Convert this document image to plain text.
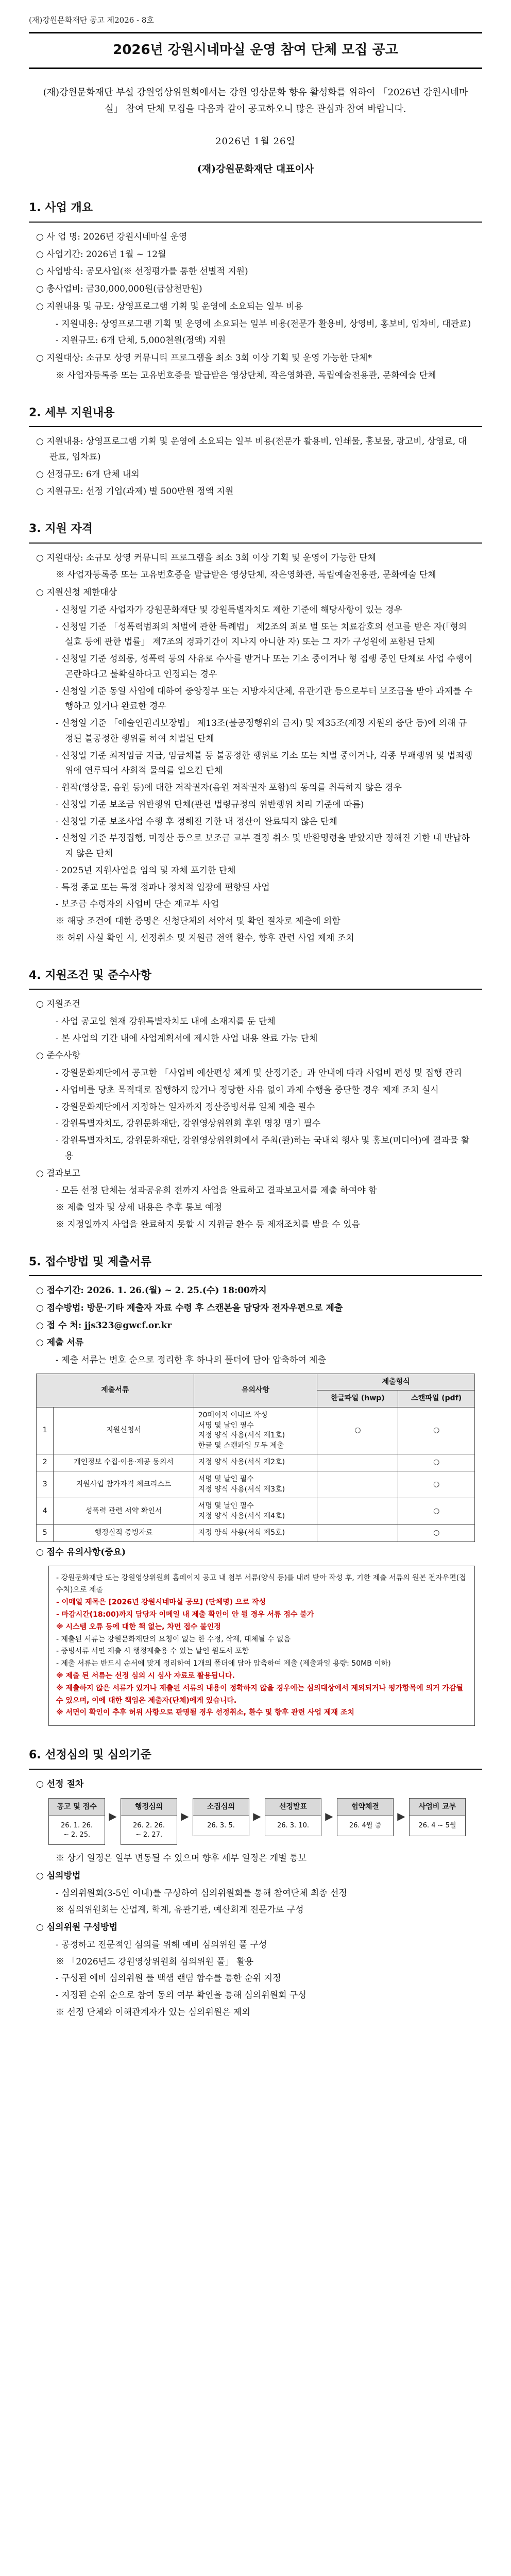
(재)강원문화재단 공고 제2026 - 8호
2026년 강원시네마실 운영 참여 단체 모집 공고
(재)강원문화재단 부설 강원영상위원회에서는 강원 영상문화 향유 활성화를 위하여 「2026년 강원시네마실」 참여 단체 모집을 다음과 같이 공고하오니 많은 관심과 참여 바랍니다.
2026년 1월 26일
(재)강원문화재단 대표이사
1. 사업 개요
○ 사 업 명: 2026년 강원시네마실 운영
○ 사업기간: 2026년 1월 ~ 12월
○ 사업방식: 공모사업(※ 선정평가를 통한 선별적 지원)
○ 총사업비: 금30,000,000원(금삼천만원)
○ 지원내용 및 규모: 상영프로그램 기획 및 운영에 소요되는 일부 비용
- 지원내용: 상영프로그램 기획 및 운영에 소요되는 일부 비용(전문가 활용비, 상영비, 홍보비, 임차비, 대관료)
- 지원규모: 6개 단체, 5,000천원(정액) 지원
○ 지원대상: 소규모 상영 커뮤니티 프로그램을 최소 3회 이상 기획 및 운영 가능한 단체*
※ 사업자등록증 또는 고유번호증을 발급받은 영상단체, 작은영화관, 독립예술전용관, 문화예술 단체
2. 세부 지원내용
○ 지원내용: 상영프로그램 기획 및 운영에 소요되는 일부 비용(전문가 활용비, 인쇄물, 홍보물, 광고비, 상영료, 대관료, 임차료)
○ 선정규모: 6개 단체 내외
○ 지원규모: 선정 기업(과제) 별 500만원 정액 지원
3. 지원 자격
○ 지원대상: 소규모 상영 커뮤니티 프로그램을 최소 3회 이상 기획 및 운영이 가능한 단체
※ 사업자등록증 또는 고유번호증을 발급받은 영상단체, 작은영화관, 독립예술전용관, 문화예술 단체
○ 지원신청 제한대상
- 신청일 기준 사업자가 강원문화재단 및 강원특별자치도 제한 기준에 해당사항이 있는 경우
- 신청일 기준 「성폭력범죄의 처벌에 관한 특례법」 제2조의 죄로 벌 또는 치료감호의 선고를 받은 자(「형의 실효 등에 관한 법률」 제7조의 경과기간이 지나지 아니한 자) 또는 그 자가 구성원에 포함된 단체
- 신청일 기준 성희롱, 성폭력 등의 사유로 수사를 받거나 또는 기소 중이거나 형 집행 중인 단체로 사업 수행이 곤란하다고 불확실하다고 인정되는 경우
- 신청일 기준 동일 사업에 대하여 중앙정부 또는 지방자치단체, 유관기관 등으로부터 보조금을 받아 과제를 수행하고 있거나 완료한 경우
- 신청일 기준 「예술인권리보장법」 제13조(불공정행위의 금지) 및 제35조(재정 지원의 중단 등)에 의해 규정된 불공정한 행위를 하여 처벌된 단체
- 신청일 기준 최저임금 지급, 임금체불 등 불공정한 행위로 기소 또는 처벌 중이거나, 각종 부패행위 및 법죄행위에 연루되어 사회적 물의를 일으킨 단체
- 원작(영상물, 음원 등)에 대한 저작권자(음원 저작권자 포함)의 동의를 취득하지 않은 경우
- 신청일 기준 보조금 위반행위 단체(관련 법령규정의 위반행위 처리 기준에 따름)
- 신청일 기준 보조사업 수행 후 정해진 기한 내 정산이 완료되지 않은 단체
- 신청일 기준 부정집행, 미정산 등으로 보조금 교부 결정 취소 및 반환명령을 받았지만 정해진 기한 내 반납하지 않은 단체
- 2025년 지원사업을 임의 및 자체 포기한 단체
- 특정 종교 또는 특정 정파나 정치적 입장에 편향된 사업
- 보조금 수령자의 사업비 단순 재교부 사업
※ 해당 조건에 대한 증명은 신청단체의 서약서 및 확인 절차로 제출에 의함
※ 허위 사실 확인 시, 선정취소 및 지원금 전액 환수, 향후 관련 사업 제재 조치
4. 지원조건 및 준수사항
○ 지원조건
- 사업 공고일 현재 강원특별자치도 내에 소재지를 둔 단체
- 본 사업의 기간 내에 사업계획서에 제시한 사업 내용 완료 가능 단체
○ 준수사항
- 강원문화재단에서 공고한 「사업비 예산편성 체계 및 산정기준」과 안내에 따라 사업비 편성 및 집행 관리
- 사업비를 당초 목적대로 집행하지 않거나 정당한 사유 없이 과제 수행을 중단할 경우 제재 조치 실시
- 강원문화재단에서 지정하는 일자까지 정산증빙서류 일체 제출 필수
- 강원특별자치도, 강원문화재단, 강원영상위원회 후원 명칭 명기 필수
- 강원특별자치도, 강원문화재단, 강원영상위원회에서 주최(관)하는 국내외 행사 및 홍보(미디어)에 결과물 활용
○ 결과보고
- 모든 선정 단체는 성과공유회 전까지 사업을 완료하고 결과보고서를 제출 하여야 함
※ 제출 일자 및 상세 내용은 추후 통보 예정
※ 지정일까지 사업을 완료하지 못할 시 지원금 환수 등 제재조치를 받을 수 있음
5. 접수방법 및 제출서류
○ 접수기간: 2026. 1. 26.(월) ~ 2. 25.(수) 18:00까지
○ 접수방법: 방문·기타 제출자 자료 수령 후 스캔본을 담당자 전자우편으로 제출
○ 접 수 처: jjs323@gwcf.or.kr
○ 제출 서류
- 제출 서류는 번호 순으로 정리한 후 하나의 폴더에 담아 압축하여 제출
제출서류		유의사항	제출형식	
			한글파일 (hwp)	스캔파일 (pdf)
1	지원신청서	20페이지 이내로 작성
서명 및 날인 필수
지정 양식 사용(서식 제1호)
한글 및 스캔파일 모두 제출	○	○
2	개인정보 수집·이용·제공 동의서	지정 양식 사용(서식 제2호)		○
3	지원사업 참가자격 체크리스트	서명 및 날인 필수
지정 양식 사용(서식 제3호)		○
4	성폭력 관련 서약 확인서	서명 및 날인 필수
지정 양식 사용(서식 제4호)		○
5	행정실적 증빙자료	지정 양식 사용(서식 제5호)		○
○ 접수 유의사항(중요)
- 강원문화재단 또는 강원영상위원회 홈페이지 공고 내 첨부 서류(양식 등)를 내려 받아 작성 후, 기한 제출 서류의 원본 전자우편(접수처)으로 제출
- 이메일 제목은 [2026년 강원시네마실 공모] (단체명) 으로 작성
- 마감시간(18:00)까지 담당자 이메일 내 제출 확인이 안 될 경우 서류 접수 불가
※ 시스템 오류 등에 대한 책 없는, 차먼 접수 불인정
- 제출된 서류는 강원문화재단의 요청이 없는 한 수정, 삭제, 대체될 수 없음
- 증빙서류 서면 제출 시 행정제출용 수 있는 날인 원도서 포함
- 제출 서류는 반드시 순서에 맞게 정리하여 1개의 폴더에 담아 압축하여 제출 (제출파일 용량: 50MB 이하)
※ 제출 된 서류는 선정 심의 시 심사 자료로 활용됩니다.
※ 제출하지 않은 서류가 있거나 제출된 서류의 내용이 정확하지 않을 경우에는 심의대상에서 제외되거나 평가항목에 의거 가감될 수 있으며, 이에 대한 책임은 제출자(단체)에게 있습니다.
※ 서면이 확인이 추후 허위 사항으로 판명될 경우 선정취소, 환수 및 향후 관련 사업 제재 조치
6. 선정심의 및 심의기준
○ 선정 절차
공고 및 접수
26. 1. 26.
~ 2. 25.
▶
행정심의
26. 2. 26.
~ 2. 27.
▶
소집심의
26. 3. 5.
▶
선정발표
26. 3. 10.
▶
협약체결
26. 4월 중
▶
사업비 교부
26. 4 ~ 5월
※ 상기 일정은 일부 변동될 수 있으며 향후 세부 일정은 개별 통보
○ 심의방법
- 심의위원회(3-5인 이내)를 구성하여 심의위원회를 통해 참여단체 최종 선정
※ 심의위원회는 산업계, 학계, 유관기관, 예산회계 전문가로 구성
○ 심의위원 구성방법
- 공정하고 전문적인 심의를 위해 예비 심의위원 풀 구성
※ 「2026년도 강원영상위원회 심의위원 풀」 활용
- 구성된 예비 심의위원 풀 백샘 랜덤 함수를 통한 순위 지정
- 지정된 순위 순으로 참여 동의 여부 확인을 통해 심의위원회 구성
※ 선정 단체와 이해관계자가 있는 심의위원은 제외
